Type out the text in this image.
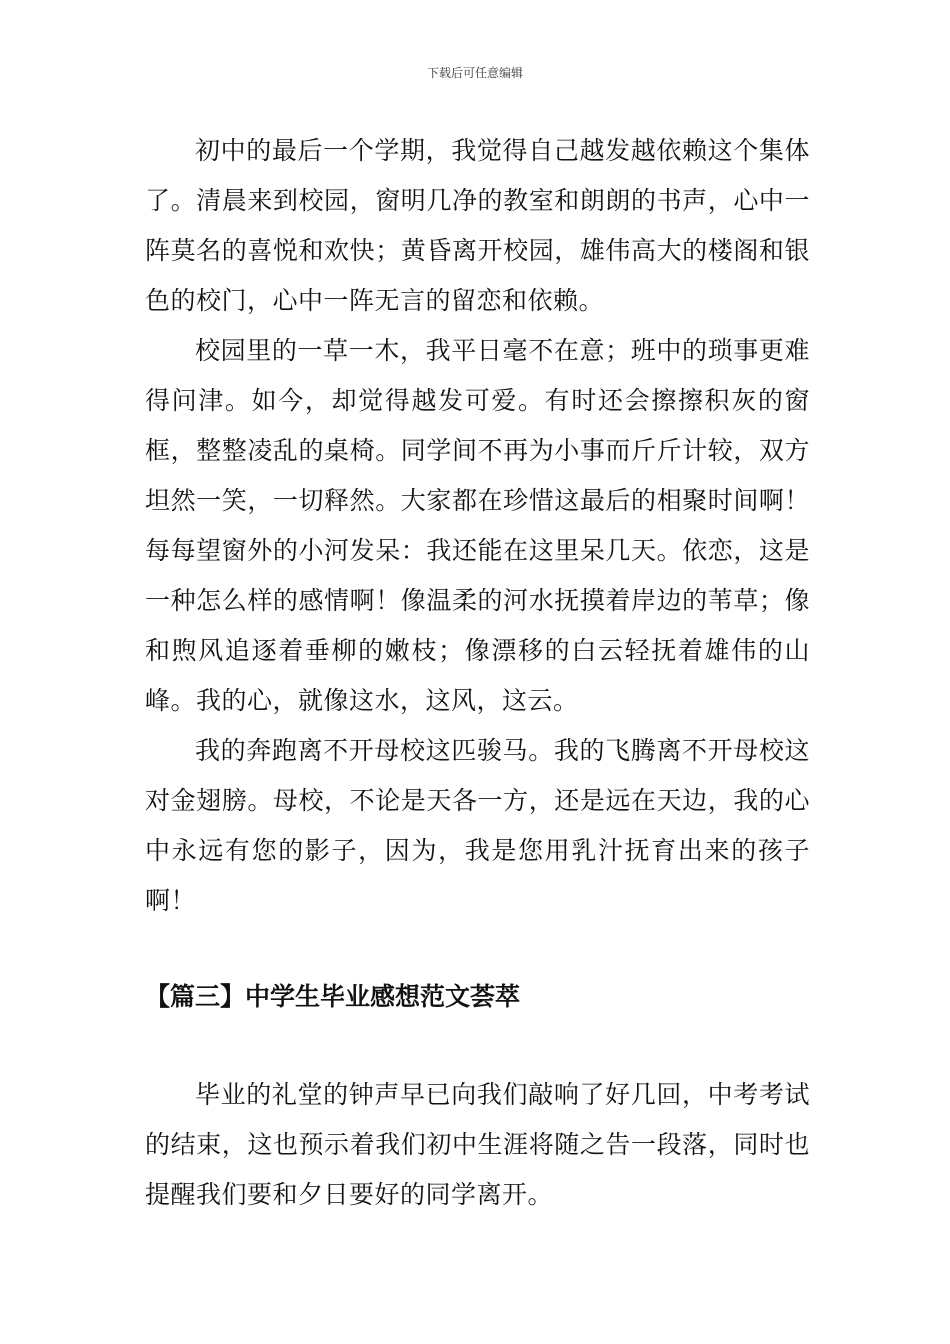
下载后可任意编辑

初中的最后一个学期，我觉得自己越发越依赖这个集体了。清晨来到校园，窗明几净的教室和朗朗的书声，心中一阵莫名的喜悦和欢快；黄昏离开校园，雄伟高大的楼阁和银色的校门，心中一阵无言的留恋和依赖。

校园里的一草一木，我平日毫不在意；班中的琐事更难得问津。如今，却觉得越发可爱。有时还会擦擦积灰的窗框，整整凌乱的桌椅。同学间不再为小事而斤斤计较，双方坦然一笑，一切释然。大家都在珍惜这最后的相聚时间啊！每每望窗外的小河发呆：我还能在这里呆几天。依恋，这是一种怎么样的感情啊！像温柔的河水抚摸着岸边的苇草；像和煦风追逐着垂柳的嫩枝；像漂移的白云轻抚着雄伟的山峰。我的心，就像这水，这风，这云。

我的奔跑离不开母校这匹骏马。我的飞腾离不开母校这对金翅膀。母校，不论是天各一方，还是远在天边，我的心中永远有您的影子，因为，我是您用乳汁抚育出来的孩子啊！

【篇三】中学生毕业感想范文荟萃

毕业的礼堂的钟声早已向我们敲响了好几回，中考考试的结束，这也预示着我们初中生涯将随之告一段落，同时也提醒我们要和夕日要好的同学离开。
